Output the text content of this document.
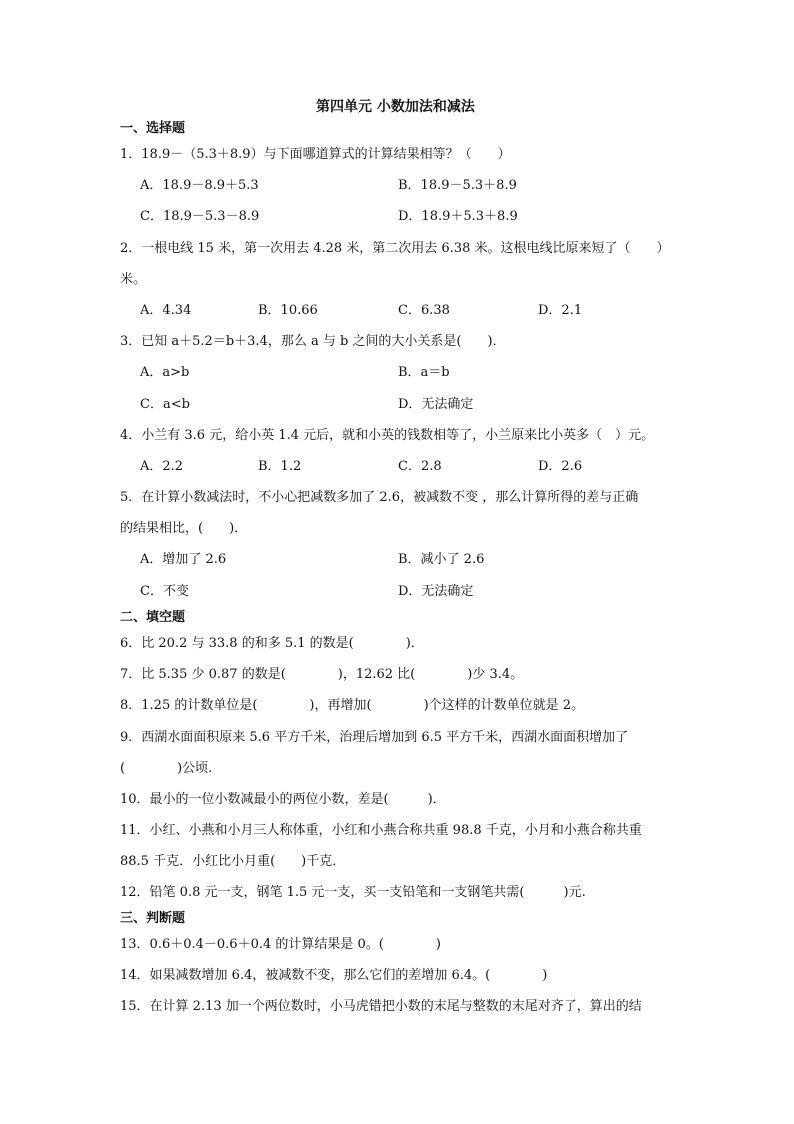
第四单元 小数加法和减法
一、选择题
1．18.9－（5.3＋8.9）与下面哪道算式的计算结果相等？（　　）
A．18.9－8.9＋5.3	B．18.9－5.3＋8.9
C．18.9－5.3－8.9	D．18.9＋5.3＋8.9
2．一根电线 15 米，第一次用去 4.28 米，第二次用去 6.38 米。这根电线比原来短了（　　）
米。
A．4.34	B．10.66	C．6.38	D．2.1
3．已知 a＋5.2＝b＋3.4，那么 a 与 b 之间的大小关系是(　　)．
A．a>b	B．a＝b
C．a<b	D．无法确定
4．小兰有 3.6 元，给小英 1.4 元后，就和小英的钱数相等了，小兰原来比小英多（　）元。
A．2.2	B．1.2	C．2.8	D．2.6
5．在计算小数减法时，不小心把减数多加了 2.6，被减数不变 ，那么计算所得的差与正确
的结果相比，(　　)．
A．增加了 2.6	B．减小了 2.6
C．不变	D．无法确定
二、填空题
6．比 20.2 与 33.8 的和多 5.1 的数是(　　　　)．
7．比 5.35 少 0.87 的数是(　　　　)，12.62 比(　　　　)少 3.4。
8．1.25 的计数单位是(　　　　)，再增加(　　　　)个这样的计数单位就是 2。
9．西湖水面面积原来 5.6 平方千米，治理后增加到 6.5 平方千米，西湖水面面积增加了
(　　　　)公顷.
10．最小的一位小数减最小的两位小数，差是(　　　)．
11．小红、小燕和小月三人称体重，小红和小燕合称共重 98.8 千克，小月和小燕合称共重
88.5 千克．小红比小月重(　　)千克．
12．铅笔 0.8 元一支，钢笔 1.5 元一支，买一支铅笔和一支钢笔共需(　　　)元.
三、判断题
13．0.6＋0.4－0.6＋0.4 的计算结果是 0。(　　　　)
14．如果减数增加 6.4，被减数不变，那么它们的差增加 6.4。(　　　　)
15．在计算 2.13 加一个两位数时，小马虎错把小数的末尾与整数的末尾对齐了，算出的结
